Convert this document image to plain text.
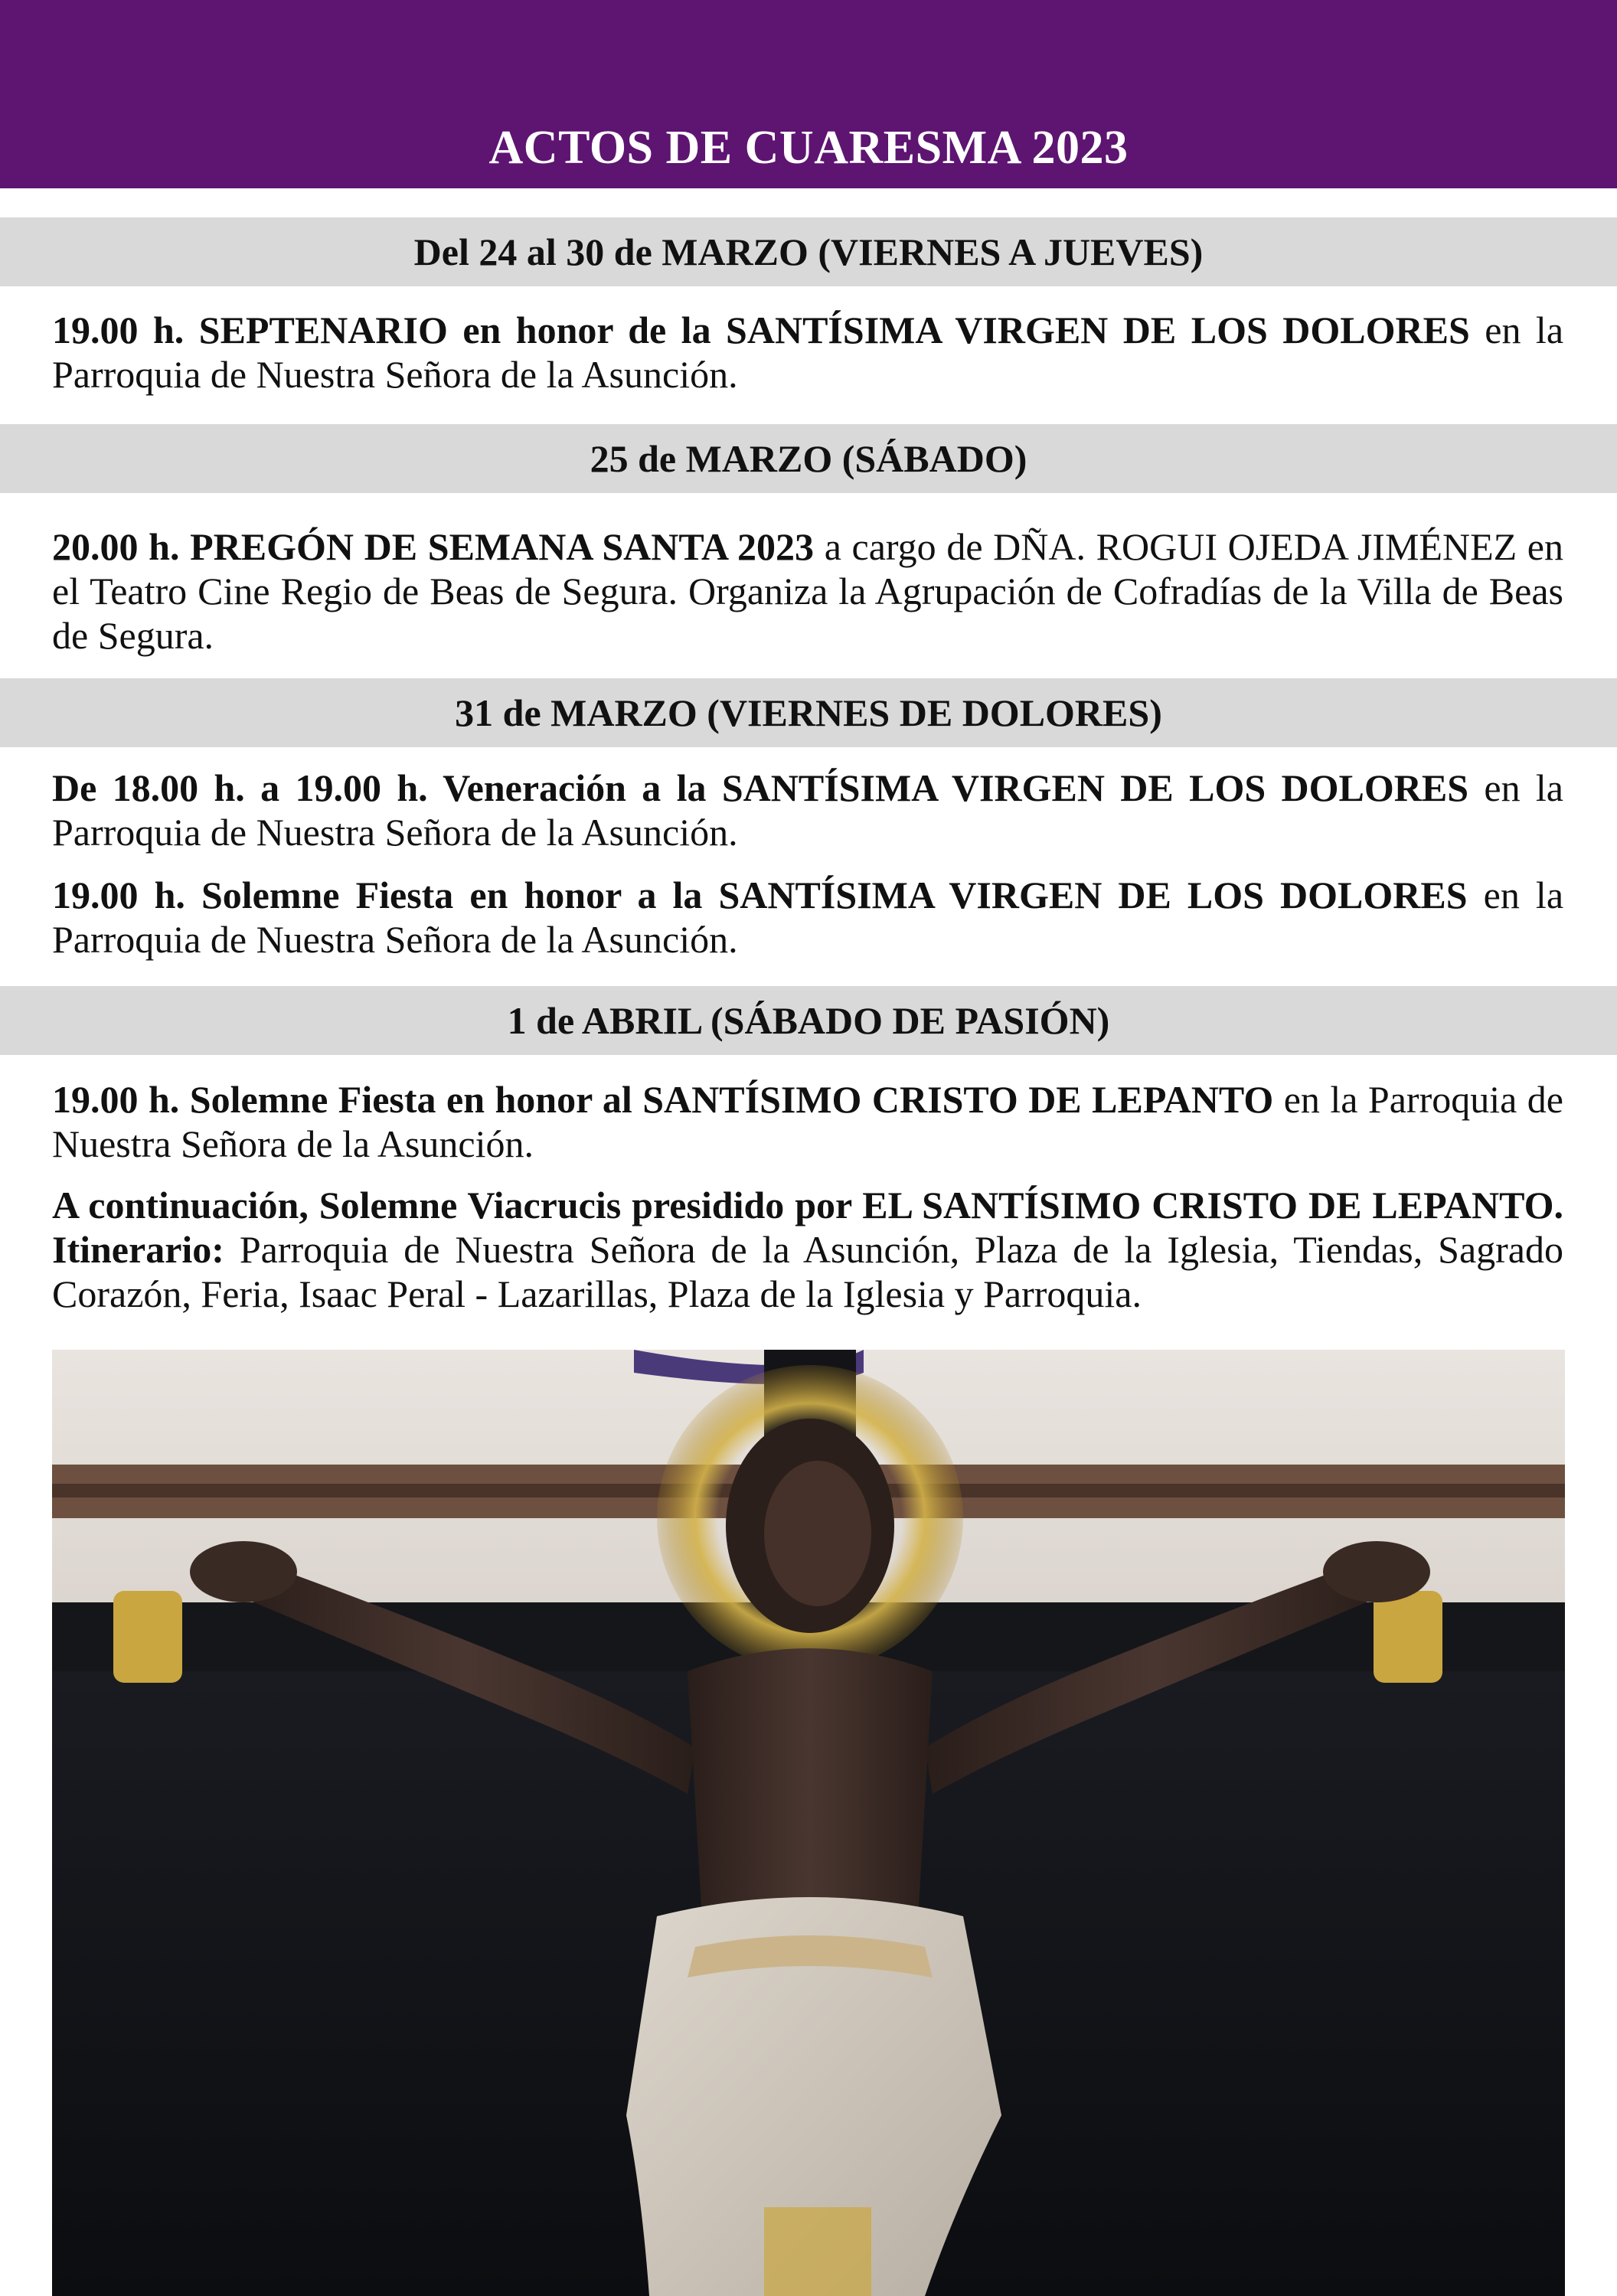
ACTOS DE CUARESMA 2023
Del 24 al 30 de MARZO (VIERNES A JUEVES)
19.00 h. SEPTENARIO en honor de la SANTÍSIMA VIRGEN DE LOS DOLORES en la Parroquia de Nuestra Señora de la Asunción.
25 de MARZO (SÁBADO)
20.00 h. PREGÓN DE SEMANA SANTA 2023 a cargo de DÑA. ROGUI OJEDA JIMÉNEZ en el Teatro Cine Regio de Beas de Segura. Organiza la Agrupación de Cofradías de la Villa de Beas de Segura.
31 de MARZO (VIERNES DE DOLORES)
De 18.00 h. a 19.00 h. Veneración a la SANTÍSIMA VIRGEN DE LOS DOLORES en la Parroquia de Nuestra Señora de la Asunción.
19.00 h. Solemne Fiesta en honor a la SANTÍSIMA VIRGEN DE LOS DOLORES en la Parroquia de Nuestra Señora de la Asunción.
1 de ABRIL (SÁBADO DE PASIÓN)
19.00 h. Solemne Fiesta en honor al SANTÍSIMO CRISTO DE LEPANTO en la Parroquia de Nuestra Señora de la Asunción.
A continuación, Solemne Viacrucis presidido por EL SANTÍSIMO CRISTO DE LEPANTO. Itinerario: Parroquia de Nuestra Señora de la Asunción, Plaza de la Iglesia, Tiendas, Sagrado Corazón, Feria, Isaac Peral - Lazarillas, Plaza de la Iglesia y Parroquia.
